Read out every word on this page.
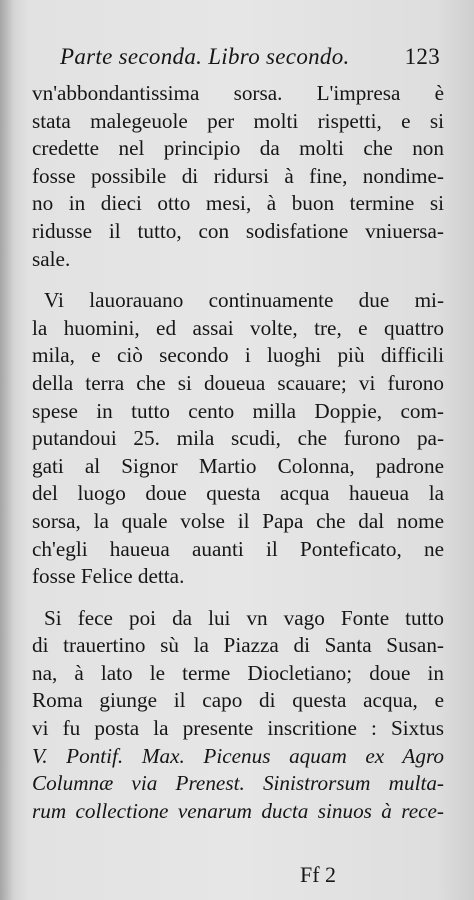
Parte seconda. Libro secondo. 123
vn'abbondantissima sorsa. L'impresa è
stata malegeuole per molti rispetti, e si
credette nel principio da molti che non
fosse possibile di ridursi à fine, nondime-
no in dieci otto mesi, à buon termine si
ridusse il tutto, con sodisfatione vniuersa-
sale.
Vi lauorauano continuamente due mi-
la huomini, ed assai volte, tre, e quattro
mila, e ciò secondo i luoghi più difficili
della terra che si doueua scauare; vi furono
spese in tutto cento milla Doppie, com-
putandoui 25. mila scudi, che furono pa-
gati al Signor Martio Colonna, padrone
del luogo doue questa acqua haueua la
sorsa, la quale volse il Papa che dal nome
ch'egli haueua auanti il Ponteficato, ne
fosse Felice detta.
Si fece poi da lui vn vago Fonte tutto
di trauertino sù la Piazza di Santa Susan-
na, à lato le terme Diocletiano; doue in
Roma giunge il capo di questa acqua, e
vi fu posta la presente inscritione : Sixtus
V. Pontif. Max. Picenus aquam ex Agro
Columnæ via Prenest. Sinistrorsum multa-
rum collectione venarum ducta sinuos à rece-
Ff 2
